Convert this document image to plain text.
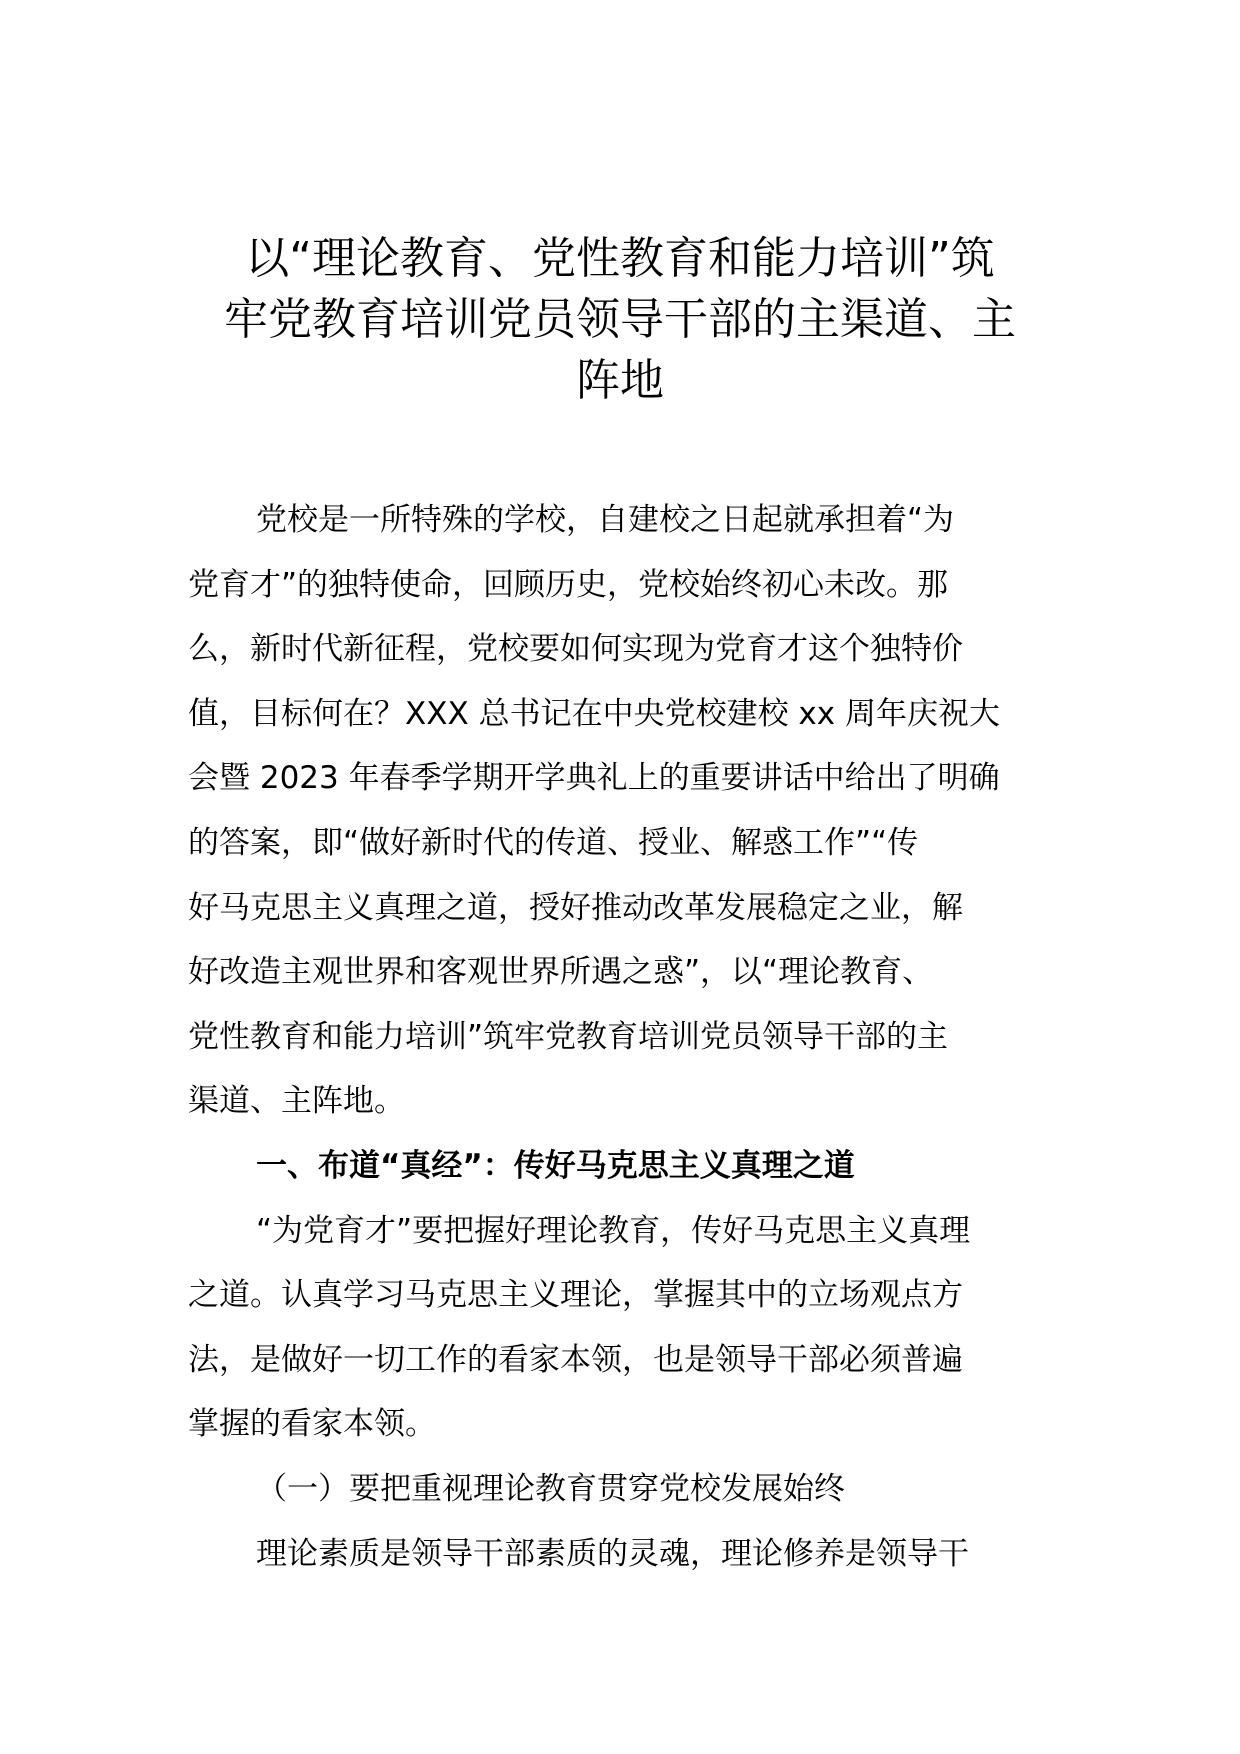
以“理论教育、党性教育和能力培训”筑
牢党教育培训党员领导干部的主渠道、主
阵地
党校是一所特殊的学校，自建校之日起就承担着“为
党育才”的独特使命，回顾历史，党校始终初心未改。那
么，新时代新征程，党校要如何实现为党育才这个独特价
值，目标何在？XXX 总书记在中央党校建校 xx 周年庆祝大
会暨 2023 年春季学期开学典礼上的重要讲话中给出了明确
的答案，即“做好新时代的传道、授业、解惑工作”“传
好马克思主义真理之道，授好推动改革发展稳定之业，解
好改造主观世界和客观世界所遇之惑”，以“理论教育、
党性教育和能力培训”筑牢党教育培训党员领导干部的主
渠道、主阵地。
一、布道“真经”：传好马克思主义真理之道
“为党育才”要把握好理论教育，传好马克思主义真理
之道。认真学习马克思主义理论，掌握其中的立场观点方
法，是做好一切工作的看家本领，也是领导干部必须普遍
掌握的看家本领。
（一）要把重视理论教育贯穿党校发展始终
理论素质是领导干部素质的灵魂，理论修养是领导干
